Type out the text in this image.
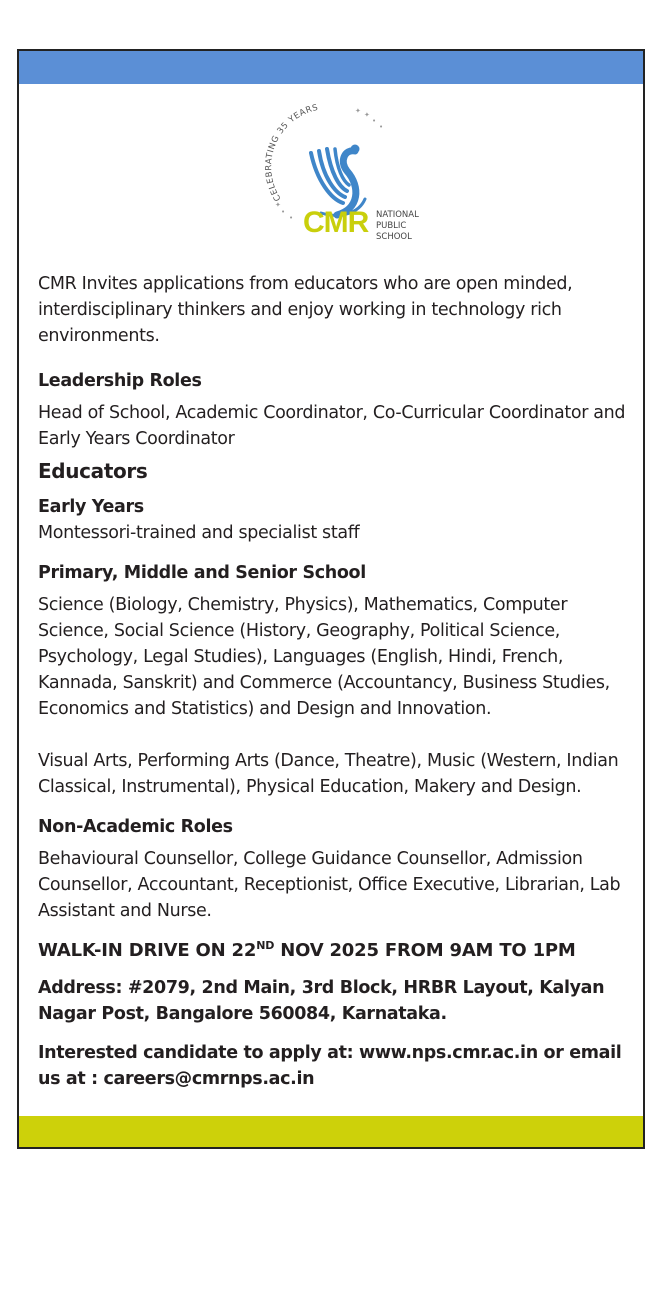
CELEBRATING 35 YEARS	✦ ✦
•
•
✦
•
• CMR NATIONAL
PUBLIC
SCHOOL

CMR Invites applications from educators who are open minded, interdisciplinary thinkers and enjoy working in technology rich environments.

Leadership Roles

Head of School, Academic Coordinator, Co-Curricular Coordinator and Early Years Coordinator

Educators

Early Years

Montessori-trained and specialist staff

Primary, Middle and Senior School

Science (Biology, Chemistry, Physics), Mathematics, Computer Science, Social Science (History, Geography, Political Science, Psychology, Legal Studies), Languages (English, Hindi, French, Kannada, Sanskrit) and Commerce (Accountancy, Business Studies, Economics and Statistics) and Design and Innovation.

Visual Arts, Performing Arts (Dance, Theatre), Music (Western, Indian Classical, Instrumental), Physical Education, Makery and Design.

Non-Academic Roles

Behavioural Counsellor, College Guidance Counsellor, Admission Counsellor, Accountant, Receptionist, Office Executive, Librarian, Lab Assistant and Nurse.

WALK-IN DRIVE ON 22ND NOV 2025 FROM 9AM TO 1PM

Address: #2079, 2nd Main, 3rd Block, HRBR Layout, Kalyan Nagar Post, Bangalore 560084, Karnataka.

Interested candidate to apply at: www.nps.cmr.ac.in or email us at : careers@cmrnps.ac.in
